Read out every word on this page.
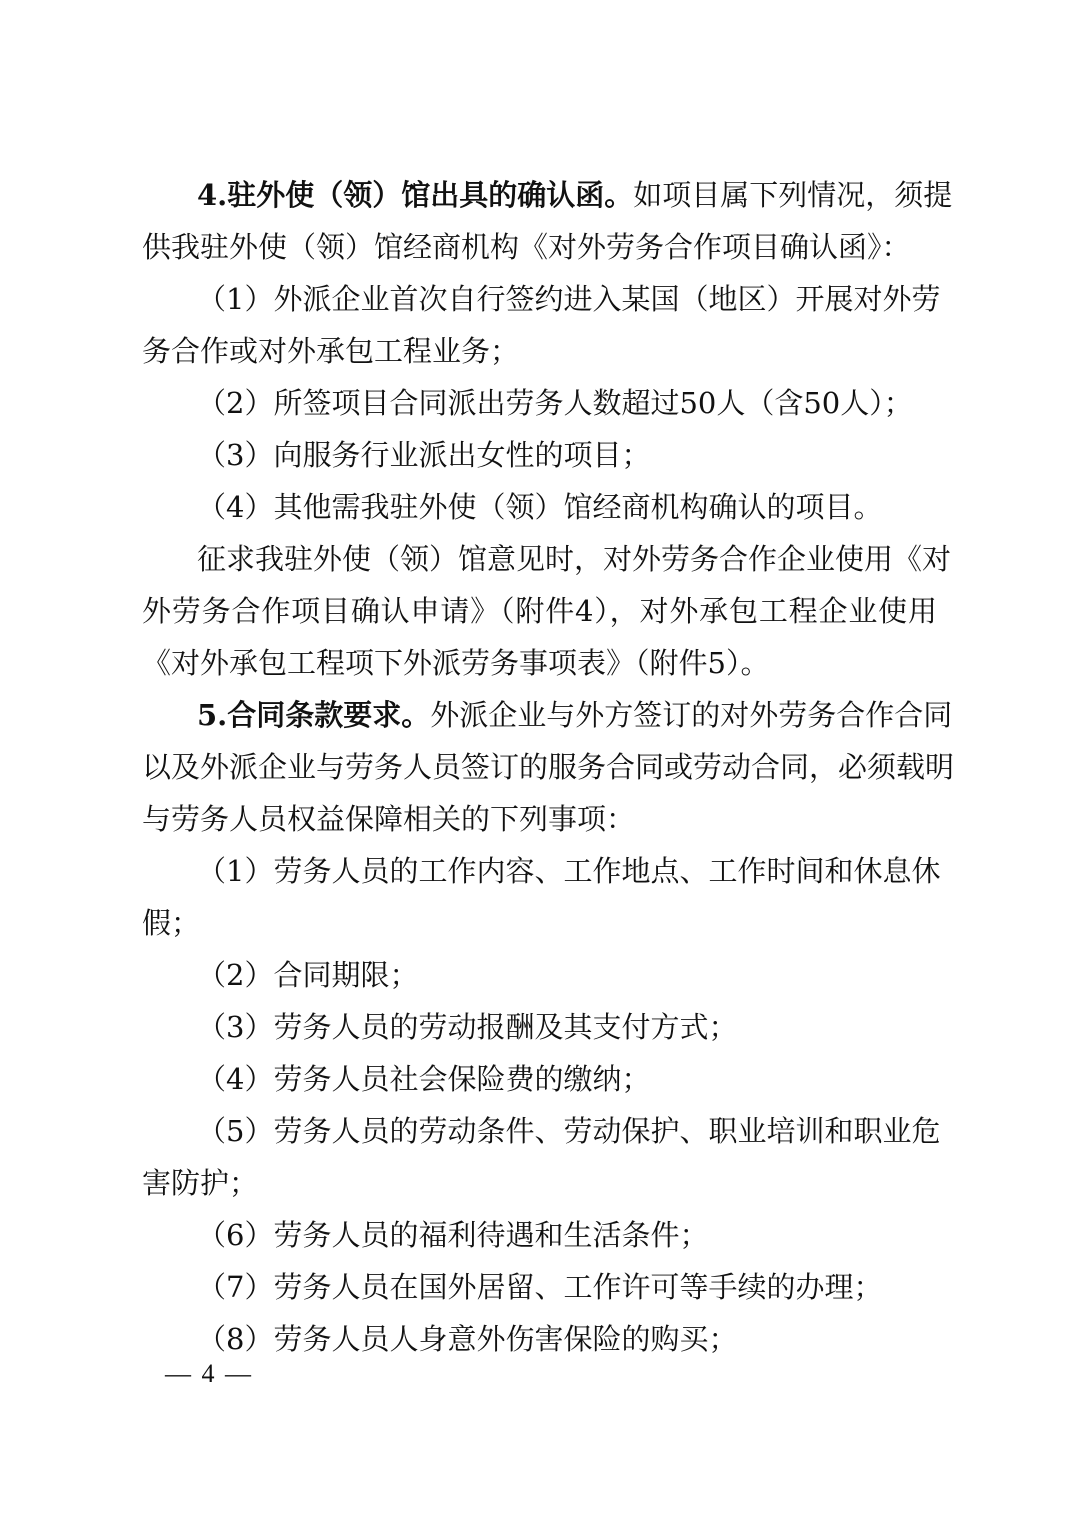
4.驻外使（领）馆出具的确认函。如项目属下列情况，须提
供我驻外使（领）馆经商机构《对外劳务合作项目确认函》：
（1）外派企业首次自行签约进入某国（地区）开展对外劳
务合作或对外承包工程业务；
（2）所签项目合同派出劳务人数超过50人（含50人）；
（3）向服务行业派出女性的项目；
（4）其他需我驻外使（领）馆经商机构确认的项目。
征求我驻外使（领）馆意见时，对外劳务合作企业使用《对
外劳务合作项目确认申请》（附件4），对外承包工程企业使用
《对外承包工程项下外派劳务事项表》（附件5）。
5.合同条款要求。外派企业与外方签订的对外劳务合作合同
以及外派企业与劳务人员签订的服务合同或劳动合同，必须载明
与劳务人员权益保障相关的下列事项：
（1）劳务人员的工作内容、工作地点、工作时间和休息休
假；
（2）合同期限；
（3）劳务人员的劳动报酬及其支付方式；
（4）劳务人员社会保险费的缴纳；
（5）劳务人员的劳动条件、劳动保护、职业培训和职业危
害防护；
（6）劳务人员的福利待遇和生活条件；
（7）劳务人员在国外居留、工作许可等手续的办理；
（8）劳务人员人身意外伤害保险的购买；
— 4 —
